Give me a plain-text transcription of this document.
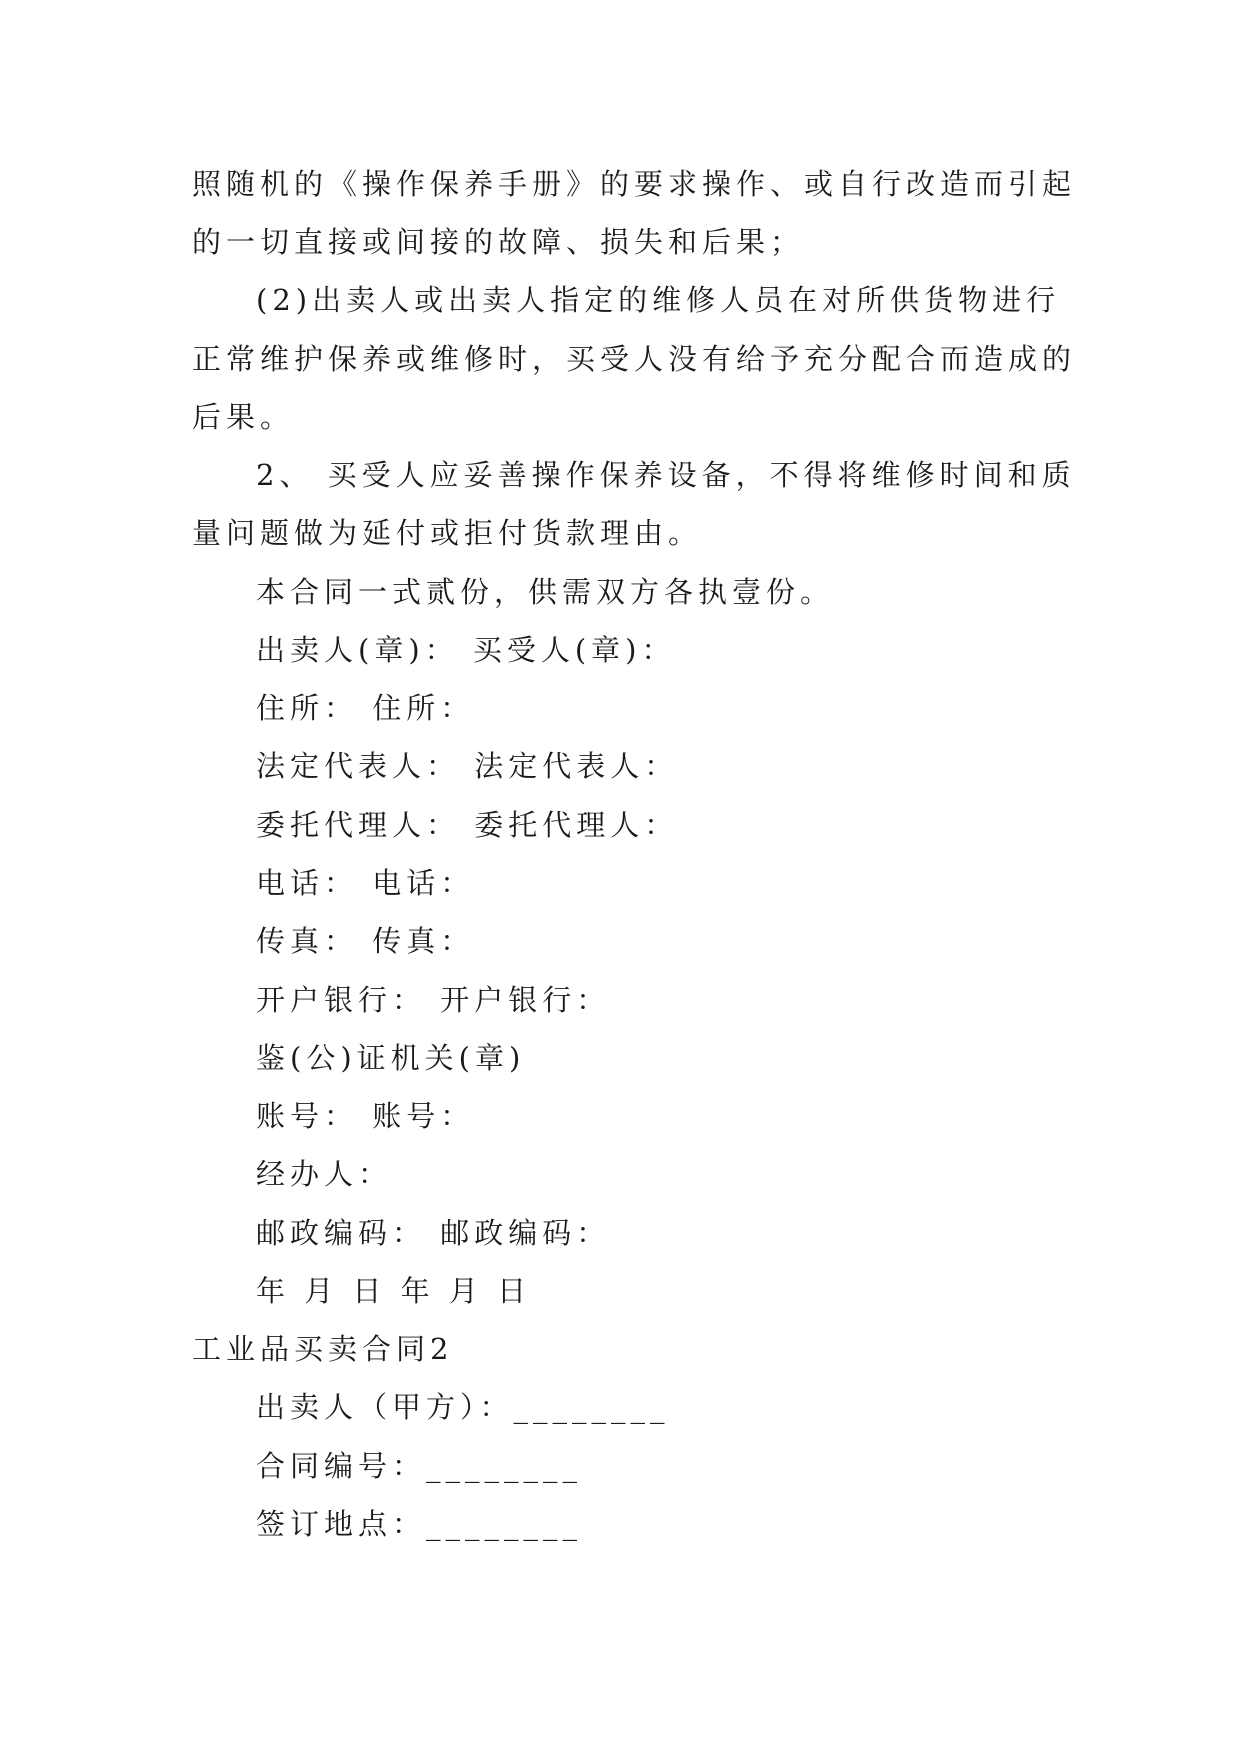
照随机的《操作保养手册》的要求操作、或自行改造而引起
的一切直接或间接的故障、损失和后果；
(2)出卖人或出卖人指定的维修人员在对所供货物进行
正常维护保养或维修时，买受人没有给予充分配合而造成的
后果。
2、 买受人应妥善操作保养设备，不得将维修时间和质
量问题做为延付或拒付货款理由。
本合同一式贰份，供需双方各执壹份。
出卖人(章)： 买受人(章)：
住所： 住所：
法定代表人： 法定代表人：
委托代理人： 委托代理人：
电话： 电话：
传真： 传真：
开户银行： 开户银行：
鉴(公)证机关(章)
账号： 账号：
经办人：
邮政编码： 邮政编码：
年 月 日 年 月 日
工业品买卖合同2
出卖人（甲方）：________
合同编号：________
签订地点：________
